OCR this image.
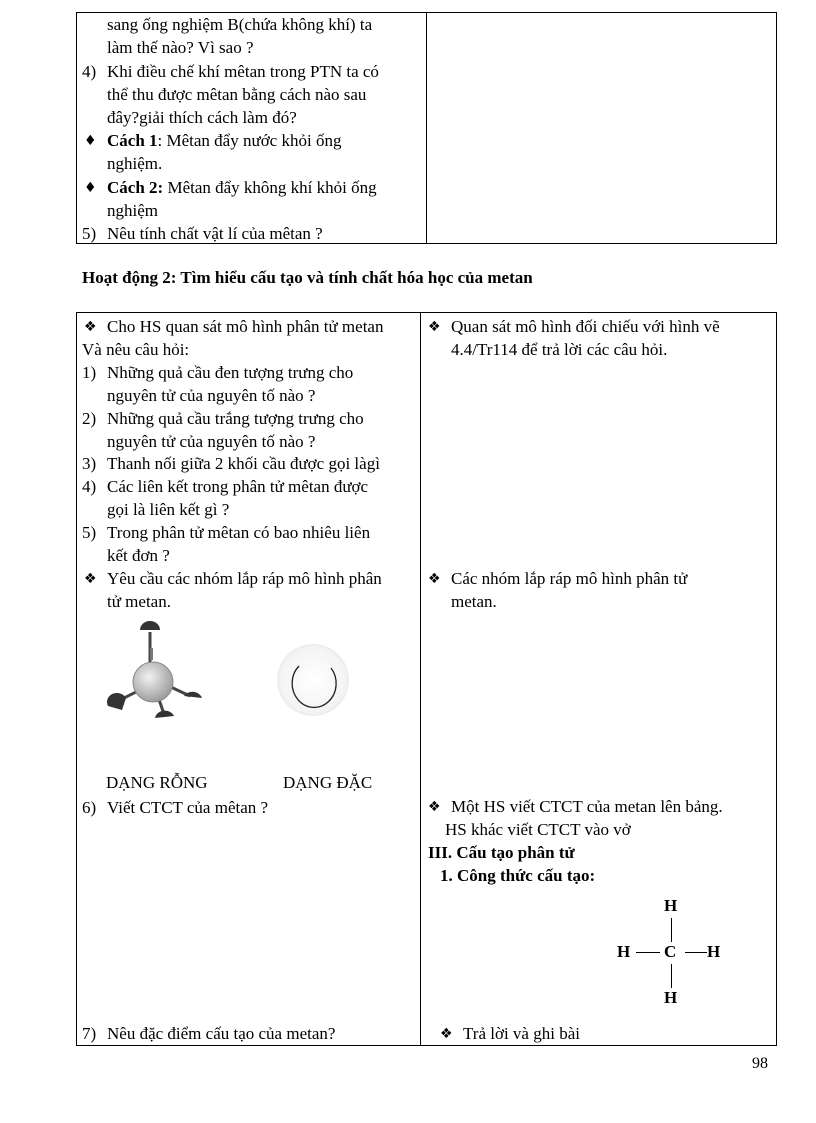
sang ống nghiệm B(chứa không khí) ta
làm thế nào? Vì sao ?
4) Khi điều chế khí mêtan trong PTN ta có
thể thu được mêtan bằng cách nào sau
đây?giải thích cách làm đó?
♦ Cách 1: Mêtan đẩy nước khỏi ống
nghiệm.
♦ Cách 2: Mêtan đẩy không khí khỏi ống
nghiệm
5) Nêu tính chất vật lí của mêtan ?
Hoạt động 2: Tìm hiểu cấu tạo và tính chất hóa học của metan
❖ Cho HS quan sát mô hình phân tử metan
Và nêu câu hỏi:
1) Những quả cầu đen tượng trưng cho
nguyên tử của nguyên tố nào ?
2) Những quả cầu trắng tượng trưng cho
nguyên tử của nguyên tố nào ?
3) Thanh nối giữa 2 khối cầu được gọi làgì
4) Các liên kết trong phân tử mêtan được
gọi là liên kết gì ?
5) Trong phân tử mêtan có bao nhiêu liên
kết đơn ?
❖ Yêu cầu các nhóm lắp ráp mô hình phân
tử metan.
DẠNG RỖNG	DẠNG ĐẶC
6) Viết CTCT của mêtan ?
7) Nêu đặc điểm cấu tạo của metan?
❖ Quan sát mô hình đối chiếu với hình vẽ
4.4/Tr114 để trả lời các câu hỏi.
❖ Các nhóm lắp ráp mô hình phân tử
metan.
❖ Một HS viết CTCT của metan lên bảng.
HS khác viết CTCT vào vở
III. Cấu tạo phân tử
1. Công thức cấu tạo:
H
H C H
H
❖ Trả lời và ghi bài
98
